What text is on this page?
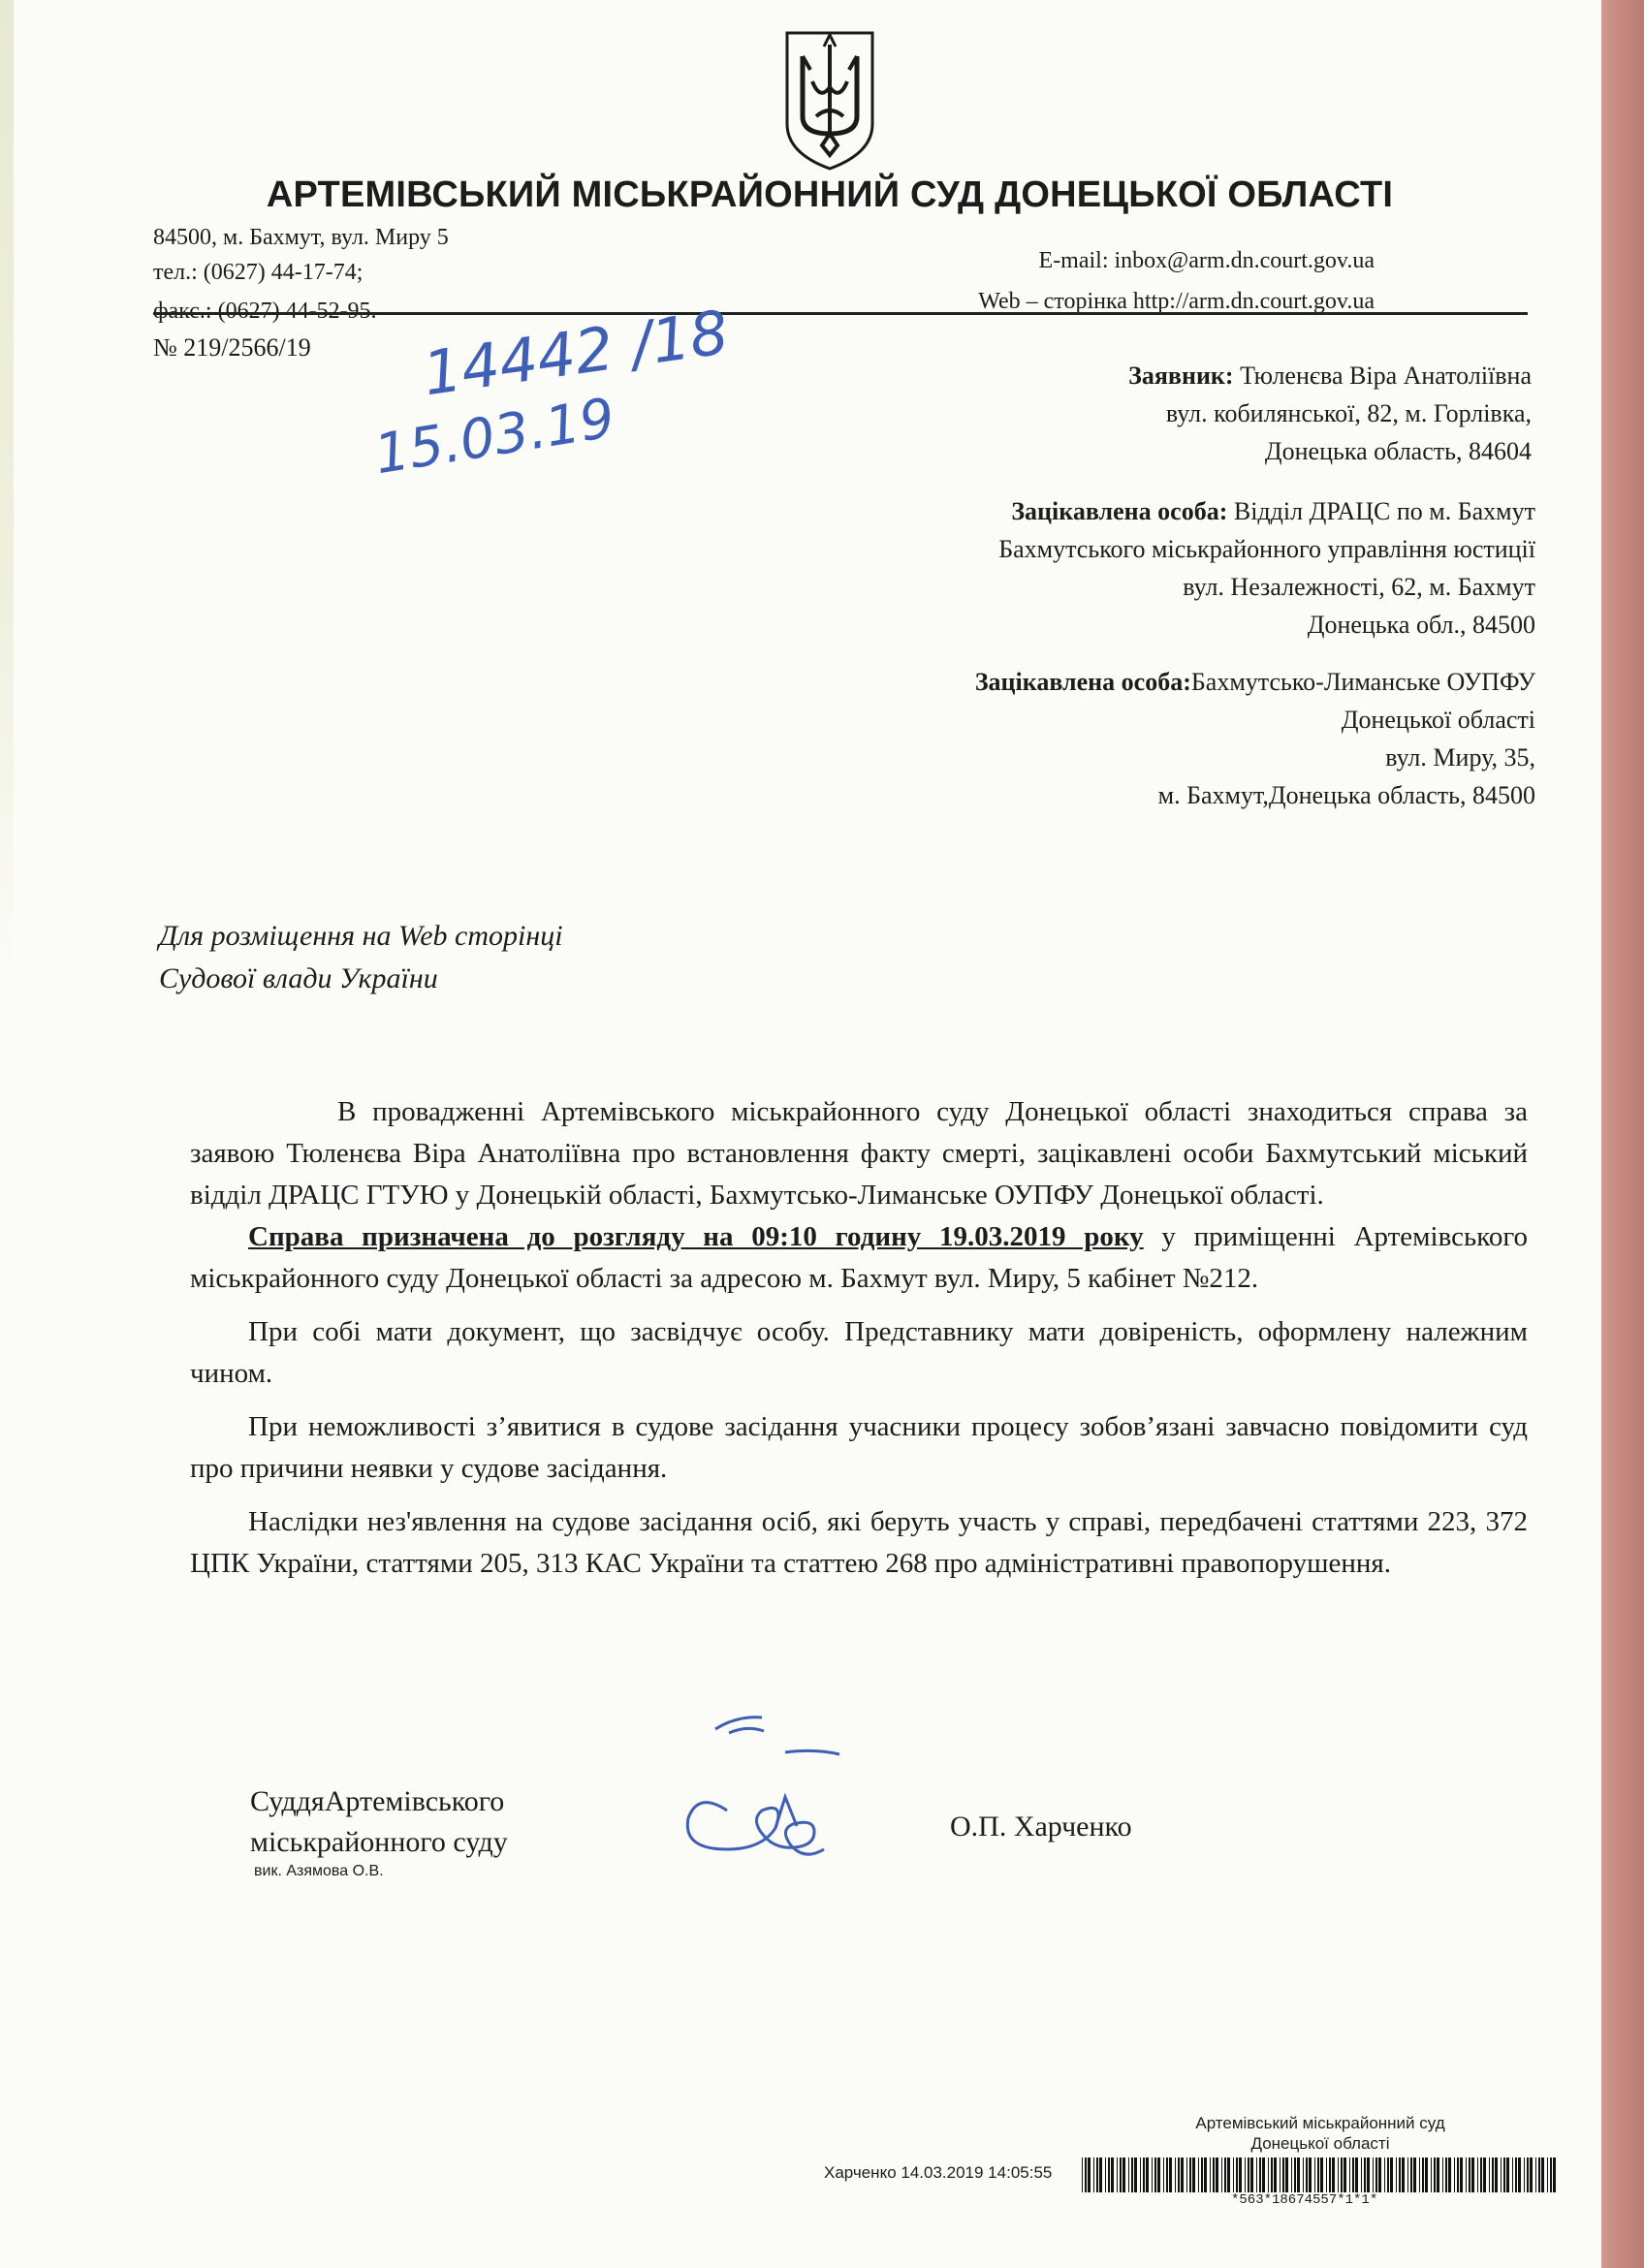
АРТЕМІВСЬКИЙ МІСЬКРАЙОННИЙ СУД ДОНЕЦЬКОЇ ОБЛАСТІ
84500, м. Бахмут, вул. Миру 5
тел.: (0627) 44-17-74;
факс.: (0627) 44-52-95.
E-mail: inbox@arm.dn.court.gov.ua
Web – сторінка http://arm.dn.court.gov.ua
№ 219/2566/19 14442 /18
15.03.19
Заявник: Тюленєва Віра Анатоліївна
вул. кобилянської, 82, м. Горлівка,
Донецька область, 84604
Зацікавлена особа: Відділ ДРАЦС по м. Бахмут
Бахмутського міськрайонного управління юстиції
вул. Незалежності, 62, м. Бахмут
Донецька обл., 84500
Зацікавлена особа:Бахмутсько-Лиманське ОУПФУ
Донецької області
вул. Миру, 35,
м. Бахмут,Донецька область, 84500
Для розміщення на Web сторінці
Судової влади України

В провадженні Артемівського міськрайонного суду Донецької області знаходиться справа за заявою Тюленєва Віра Анатоліївна про встановлення факту смерті, зацікавлені особи Бахмутський міський відділ ДРАЦС ГТУЮ у Донецькій області, Бахмутсько-Лиманське ОУПФУ Донецької області.

Справа призначена до розгляду на 09:10 годину 19.03.2019 року у приміщенні Артемівського міськрайонного суду Донецької області за адресою м. Бахмут вул. Миру, 5 кабінет №212.

При собі мати документ, що засвідчує особу. Представнику мати довіреність, оформлену належним чином.

При неможливості з’явитися в судове засідання учасники процесу зобов’язані завчасно повідомити суд про причини неявки у судове засідання.

Наслідки нез'явлення на судове засідання осіб, які беруть участь у справі, передбачені статтями 223, 372 ЦПК України, статтями 205, 313 КАС України та статтею 268 про адміністративні правопорушення.

СуддяАртемівського
міськрайонного суду
вик. Азямова О.В.
О.П. Харченко
Артемівський міськрайонний суд
Донецької області
Харченко 14.03.2019 14:05:55
*563*18674557*1*1*
